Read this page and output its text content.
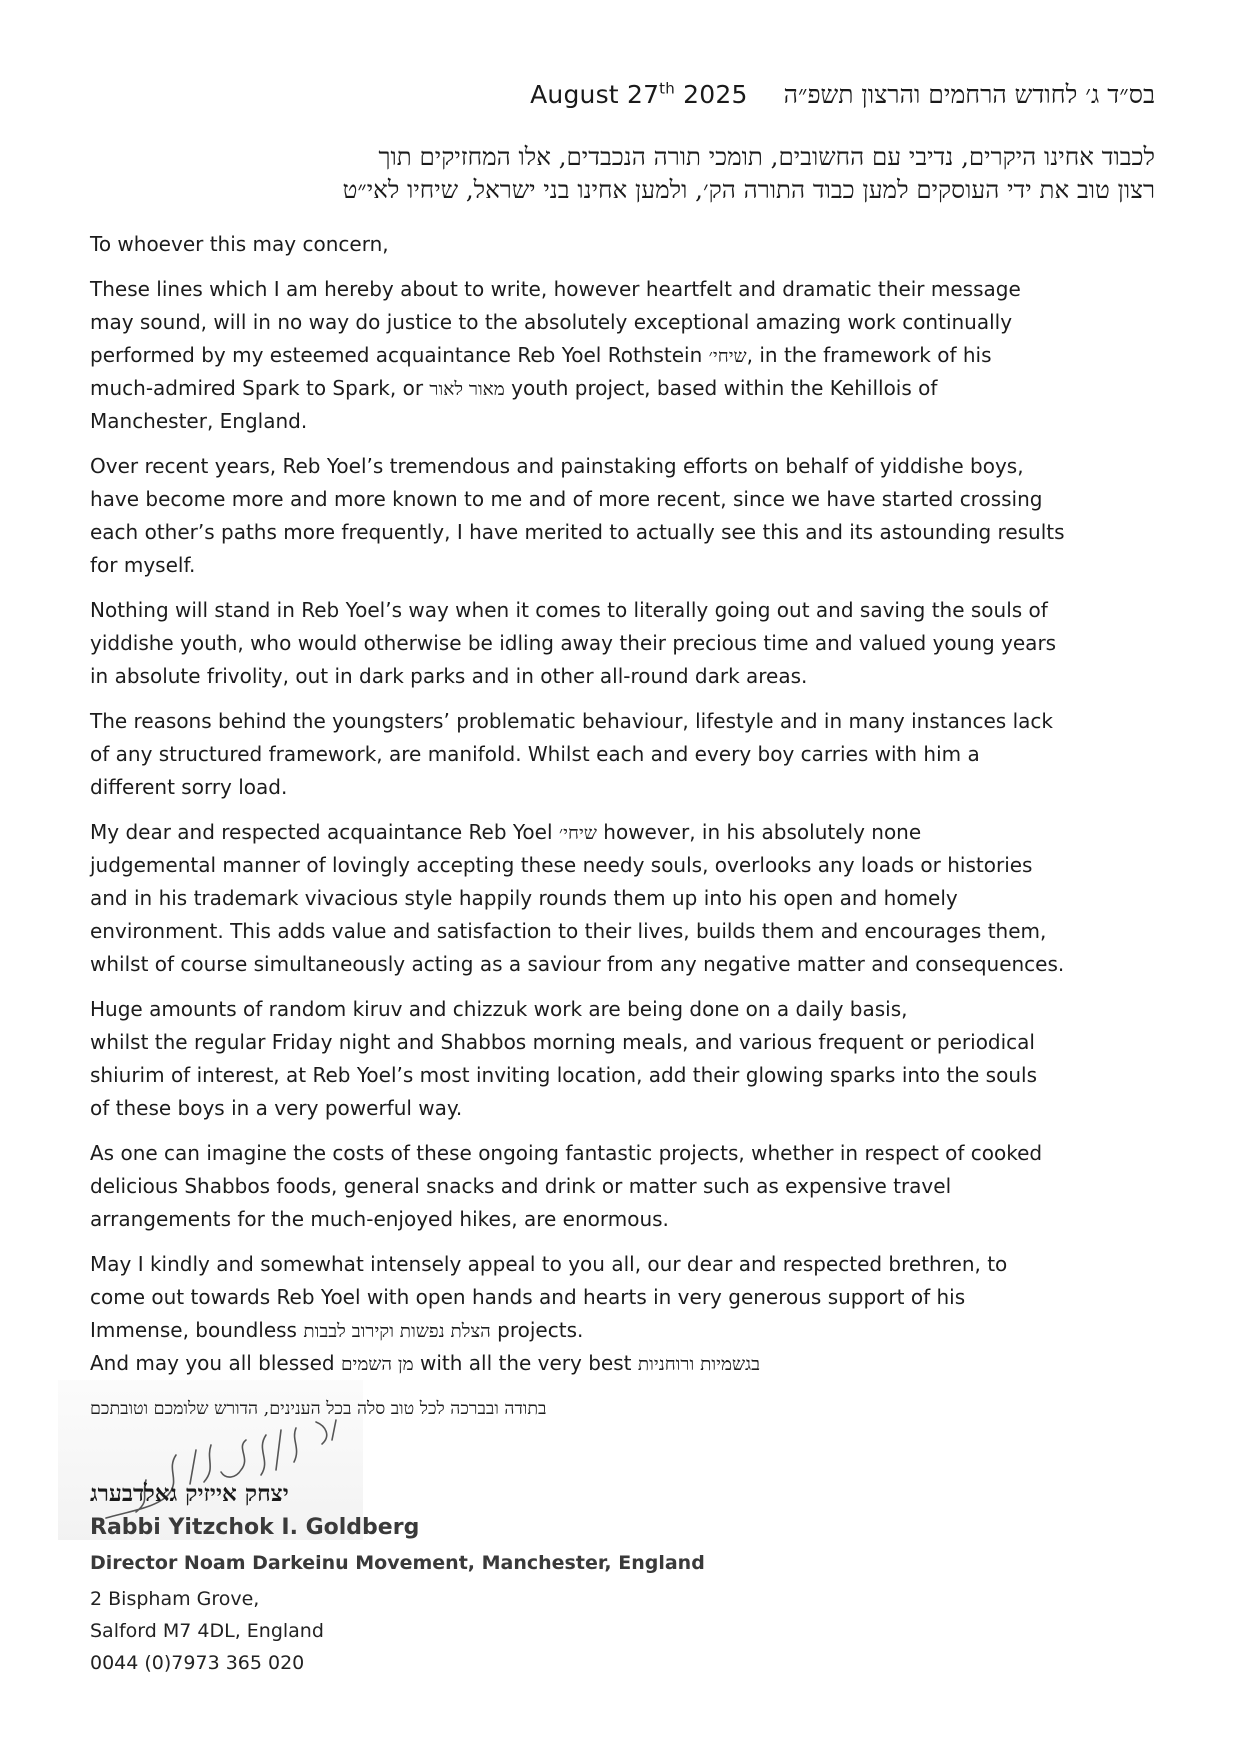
August 27th 2025 בס״ד ג׳ לחודש הרחמים והרצון תשפ״ה
לכבוד אחינו היקרים, נדיבי עם החשובים, תומכי תורה הנכבדים, אלו המחזיקים תוך
רצון טוב את ידי העוסקים למען כבוד התורה הק׳, ולמען אחינו בני ישראל, שיחיו לאי״ט
To whoever this may concern,
These lines which I am hereby about to write, however heartfelt and dramatic their message
may sound, will in no way do justice to the absolutely exceptional amazing work continually
performed by my esteemed acquaintance Reb Yoel Rothstein שיחי׳, in the framework of his
much-admired Spark to Spark, or מאור לאור youth project, based within the Kehillois of
Manchester, England.
Over recent years, Reb Yoel’s tremendous and painstaking efforts on behalf of yiddishe boys,
have become more and more known to me and of more recent, since we have started crossing
each other’s paths more frequently, I have merited to actually see this and its astounding results
for myself.
Nothing will stand in Reb Yoel’s way when it comes to literally going out and saving the souls of
yiddishe youth, who would otherwise be idling away their precious time and valued young years
in absolute frivolity, out in dark parks and in other all-round dark areas.
The reasons behind the youngsters’ problematic behaviour, lifestyle and in many instances lack
of any structured framework, are manifold. Whilst each and every boy carries with him a
different sorry load.
My dear and respected acquaintance Reb Yoel שיחי׳ however, in his absolutely none
judgemental manner of lovingly accepting these needy souls, overlooks any loads or histories
and in his trademark vivacious style happily rounds them up into his open and homely
environment. This adds value and satisfaction to their lives, builds them and encourages them,
whilst of course simultaneously acting as a saviour from any negative matter and consequences.
Huge amounts of random kiruv and chizzuk work are being done on a daily basis,
whilst the regular Friday night and Shabbos morning meals, and various frequent or periodical
shiurim of interest, at Reb Yoel’s most inviting location, add their glowing sparks into the souls
of these boys in a very powerful way.
As one can imagine the costs of these ongoing fantastic projects, whether in respect of cooked
delicious Shabbos foods, general snacks and drink or matter such as expensive travel
arrangements for the much-enjoyed hikes, are enormous.
May I kindly and somewhat intensely appeal to you all, our dear and respected brethren, to
come out towards Reb Yoel with open hands and hearts in very generous support of his
Immense, boundless הצלת נפשות וקירוב לבבות projects.
And may you all blessed מן השמים with all the very best בגשמיות ורוחניות
בתודה ובברכה לכל טוב סלה בכל הענינים, הדורש שלומכם וטובתכם
יצחק אייזיק גאלדבערג
Rabbi Yitzchok I. Goldberg
Director Noam Darkeinu Movement, Manchester, England
2 Bispham Grove,
Salford M7 4DL, England
0044 (0)7973 365 020
